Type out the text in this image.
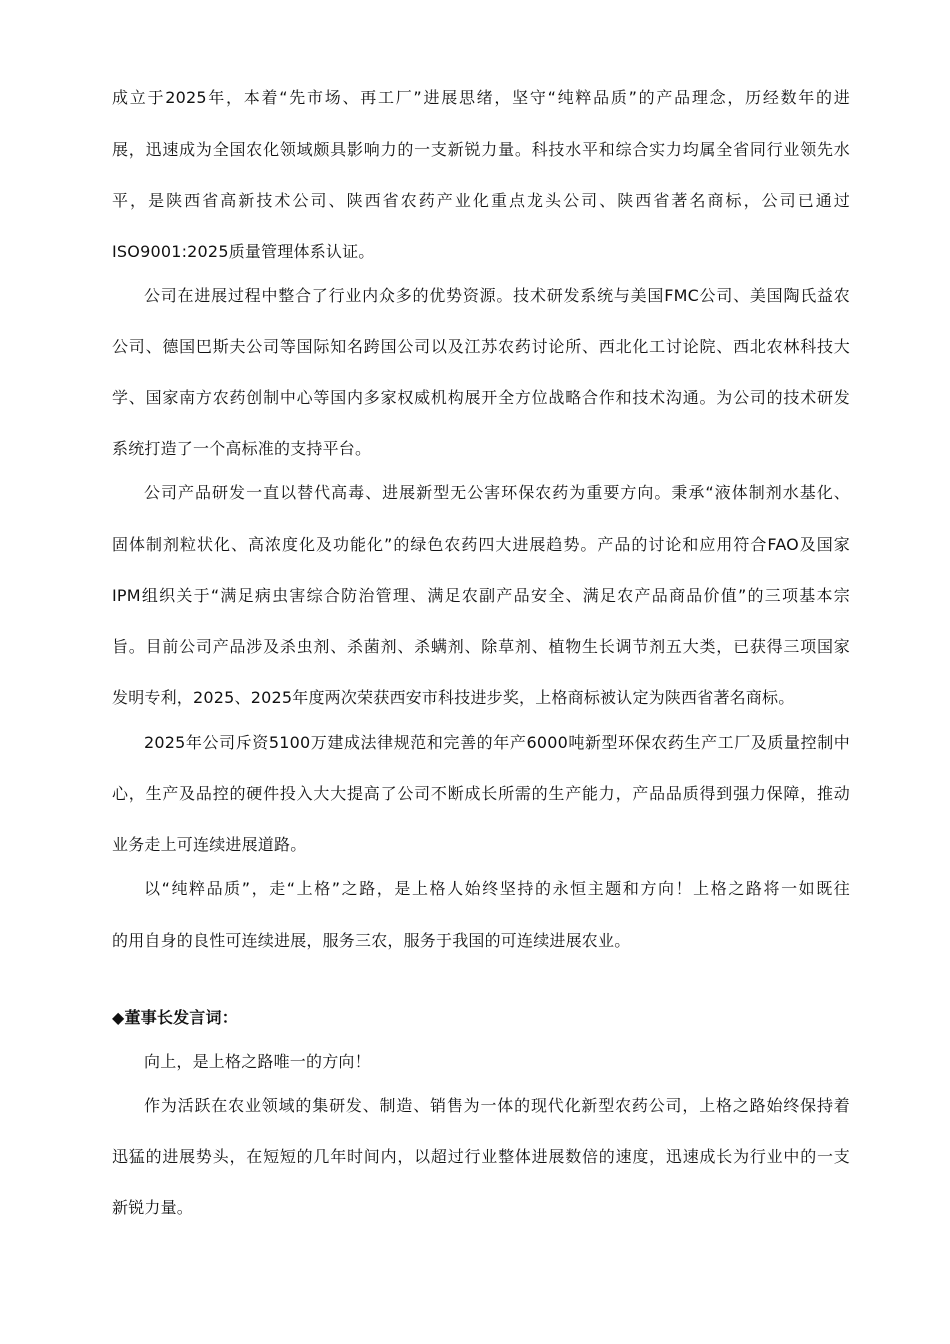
成立于2025年，本着“先市场、再工厂”进展思绪，坚守“纯粹品质”的产品理念，历经数年的进
展，迅速成为全国农化领域颇具影响力的一支新锐力量。科技水平和综合实力均属全省同行业领先水
平，是陕西省高新技术公司、陕西省农药产业化重点龙头公司、陕西省著名商标，公司已通过
ISO9001:2025质量管理体系认证。
公司在进展过程中整合了行业内众多的优势资源。技术研发系统与美国FMC公司、美国陶氏益农
公司、德国巴斯夫公司等国际知名跨国公司以及江苏农药讨论所、西北化工讨论院、西北农林科技大
学、国家南方农药创制中心等国内多家权威机构展开全方位战略合作和技术沟通。为公司的技术研发
系统打造了一个高标准的支持平台。
公司产品研发一直以替代高毒、进展新型无公害环保农药为重要方向。秉承“液体制剂水基化、
固体制剂粒状化、高浓度化及功能化”的绿色农药四大进展趋势。产品的讨论和应用符合FAO及国家
IPM组织关于“满足病虫害综合防治管理、满足农副产品安全、满足农产品商品价值”的三项基本宗
旨。目前公司产品涉及杀虫剂、杀菌剂、杀螨剂、除草剂、植物生长调节剂五大类，已获得三项国家
发明专利，2025、2025年度两次荣获西安市科技进步奖，上格商标被认定为陕西省著名商标。
2025年公司斥资5100万建成法律规范和完善的年产6000吨新型环保农药生产工厂及质量控制中
心，生产及品控的硬件投入大大提高了公司不断成长所需的生产能力，产品品质得到强力保障，推动
业务走上可连续进展道路。
以“纯粹品质”，走“上格”之路，是上格人始终坚持的永恒主题和方向！上格之路将一如既往
的用自身的良性可连续进展，服务三农，服务于我国的可连续进展农业。
◆董事长发言词：
向上，是上格之路唯一的方向！
作为活跃在农业领域的集研发、制造、销售为一体的现代化新型农药公司，上格之路始终保持着
迅猛的进展势头，在短短的几年时间内，以超过行业整体进展数倍的速度，迅速成长为行业中的一支
新锐力量。
